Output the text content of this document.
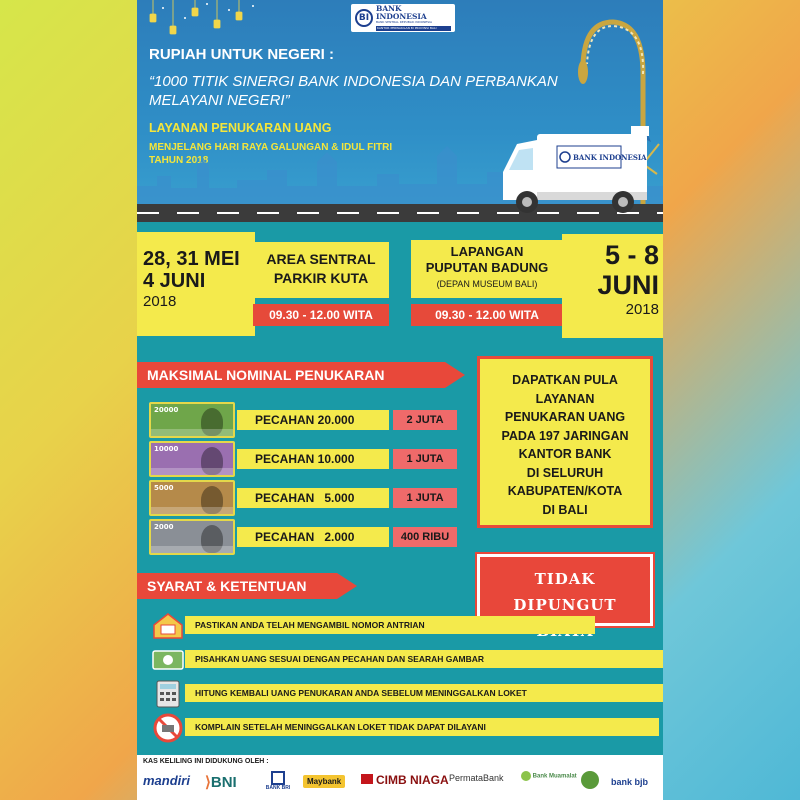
BI
BANK INDONESIA
BANK SENTRAL REPUBLIK INDONESIA
KANTOR PERWAKILAN BI PROVINSI BALI
RUPIAH UNTUK NEGERI :
“1000 TITIK SINERGI BANK INDONESIA DAN PERBANKAN MELAYANI NEGERI”
LAYANAN PENUKARAN UANG
MENJELANG HARI RAYA GALUNGAN & IDUL FITRI
TAHUN 2018	BANK INDONESIA
28, 31 MEI
4 JUNI
2018
AREA SENTRAL
PARKIR KUTA
09.30 - 12.00 WITA
LAPANGAN
PUPUTAN BADUNG
(DEPAN MUSEUM BALI)
09.30 - 12.00 WITA
5 - 8
JUNI
2018
MAKSIMAL NOMINAL PENUKARAN
20000
PECAHAN 20.000	2 JUTA
10000
PECAHAN 10.000	1 JUTA
5000
PECAHAN   5.000	1 JUTA
2000
PECAHAN   2.000	400 RIBU
DAPATKAN PULA
LAYANAN
PENUKARAN UANG
PADA 197 JARINGAN
KANTOR BANK
DI SELURUH
KABUPATEN/KOTA
DI BALI
TIDAK DIPUNGUT
SYARAT & KETENTUAN
PASTIKAN ANDA TELAH MENGAMBIL NOMOR ANTRIAN
PISAHKAN UANG SESUAI DENGAN PECAHAN DAN SEARAH GAMBAR
HITUNG KEMBALI UANG PENUKARAN ANDA SEBELUM MENINGGALKAN LOKET
KOMPLAIN SETELAH MENINGGALKAN LOKET TIDAK DAPAT DILAYANI
KAS KELILING INI DIDUKUNG OLEH :
mandiri ⟩BNI	BANK BRI
Maybank	CIMB NIAGA PermataBank	Bank Muamalat
bank bjb
